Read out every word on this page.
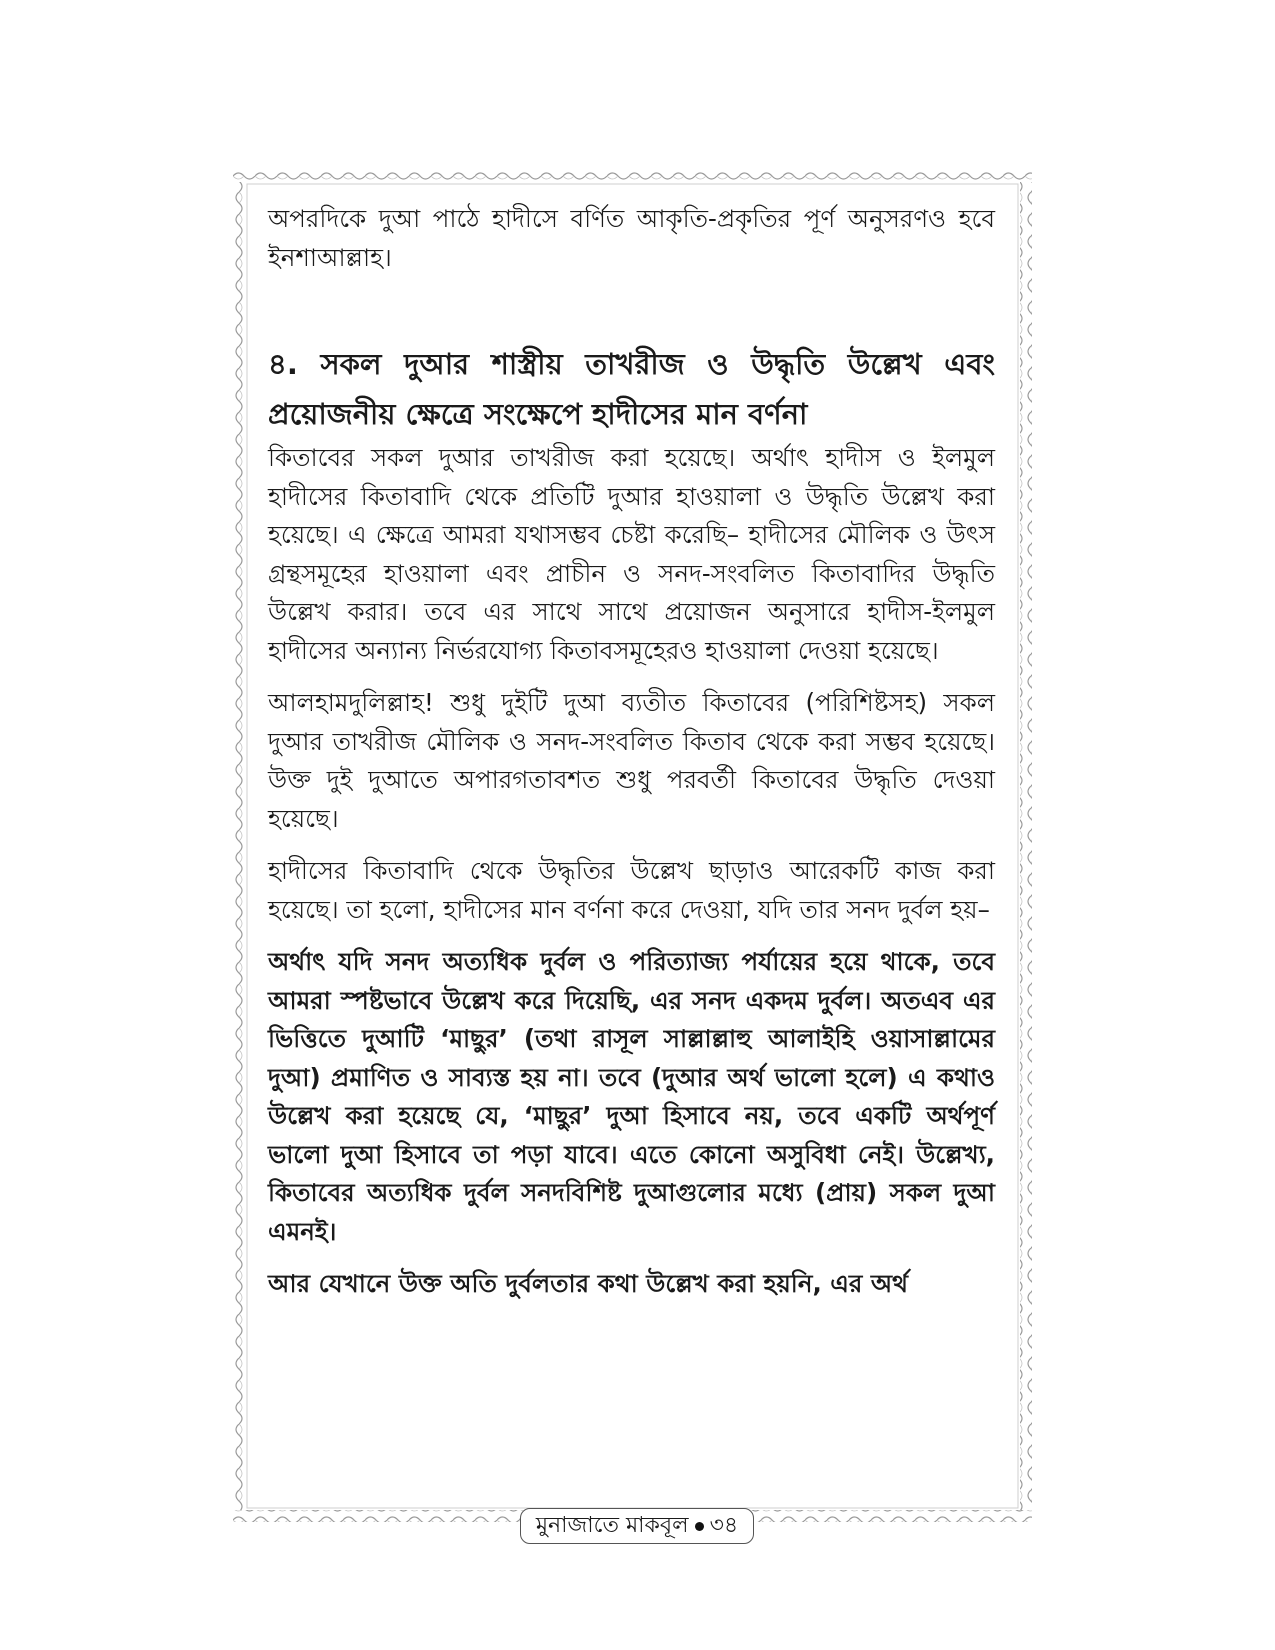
অপরদিকে দুআ পাঠে হাদীসে বর্ণিত আকৃতি-প্রকৃতির পূর্ণ অনুসরণও হবে ইনশাআল্লাহ।

৪. সকল দুআর শাস্ত্রীয় তাখরীজ ও উদ্ধৃতি উল্লেখ এবং প্রয়োজনীয় ক্ষেত্রে সংক্ষেপে হাদীসের মান বর্ণনা

কিতাবের সকল দুআর তাখরীজ করা হয়েছে। অর্থাৎ হাদীস ও ইলমুল হাদীসের কিতাবাদি থেকে প্রতিটি দুআর হাওয়ালা ও উদ্ধৃতি উল্লেখ করা হয়েছে। এ ক্ষেত্রে আমরা যথাসম্ভব চেষ্টা করেছি– হাদীসের মৌলিক ও উৎস গ্রন্থসমূহের হাওয়ালা এবং প্রাচীন ও সনদ-সংবলিত কিতাবাদির উদ্ধৃতি উল্লেখ করার। তবে এর সাথে সাথে প্রয়োজন অনুসারে হাদীস-ইলমুল হাদীসের অন্যান্য নির্ভরযোগ্য কিতাবসমূহেরও হাওয়ালা দেওয়া হয়েছে।

আলহামদুলিল্লাহ! শুধু দুইটি দুআ ব্যতীত কিতাবের (পরিশিষ্টসহ) সকল দুআর তাখরীজ মৌলিক ও সনদ-সংবলিত কিতাব থেকে করা সম্ভব হয়েছে। উক্ত দুই দুআতে অপারগতাবশত শুধু পরবর্তী কিতাবের উদ্ধৃতি দেওয়া হয়েছে।

হাদীসের কিতাবাদি থেকে উদ্ধৃতির উল্লেখ ছাড়াও আরেকটি কাজ করা হয়েছে। তা হলো, হাদীসের মান বর্ণনা করে দেওয়া, যদি তার সনদ দুর্বল হয়–

অর্থাৎ যদি সনদ অত্যধিক দুর্বল ও পরিত্যাজ্য পর্যায়ের হয়ে থাকে, তবে আমরা স্পষ্টভাবে উল্লেখ করে দিয়েছি, এর সনদ একদম দুর্বল। অতএব এর ভিত্তিতে দুআটি ‘মাছুর’ (তথা রাসূল সাল্লাল্লাহু আলাইহি ওয়াসাল্লামের দুআ) প্রমাণিত ও সাব্যস্ত হয় না। তবে (দুআর অর্থ ভালো হলে) এ কথাও উল্লেখ করা হয়েছে যে, ‘মাছুর’ দুআ হিসাবে নয়, তবে একটি অর্থপূর্ণ ভালো দুআ হিসাবে তা পড়া যাবে। এতে কোনো অসুবিধা নেই। উল্লেখ্য, কিতাবের অত্যধিক দুর্বল সনদবিশিষ্ট দুআগুলোর মধ্যে (প্রায়) সকল দুআ এমনই।

আর যেখানে উক্ত অতি দুর্বলতার কথা উল্লেখ করা হয়নি, এর অর্থ

মুনাজাতে মাকবূল ৩৪
